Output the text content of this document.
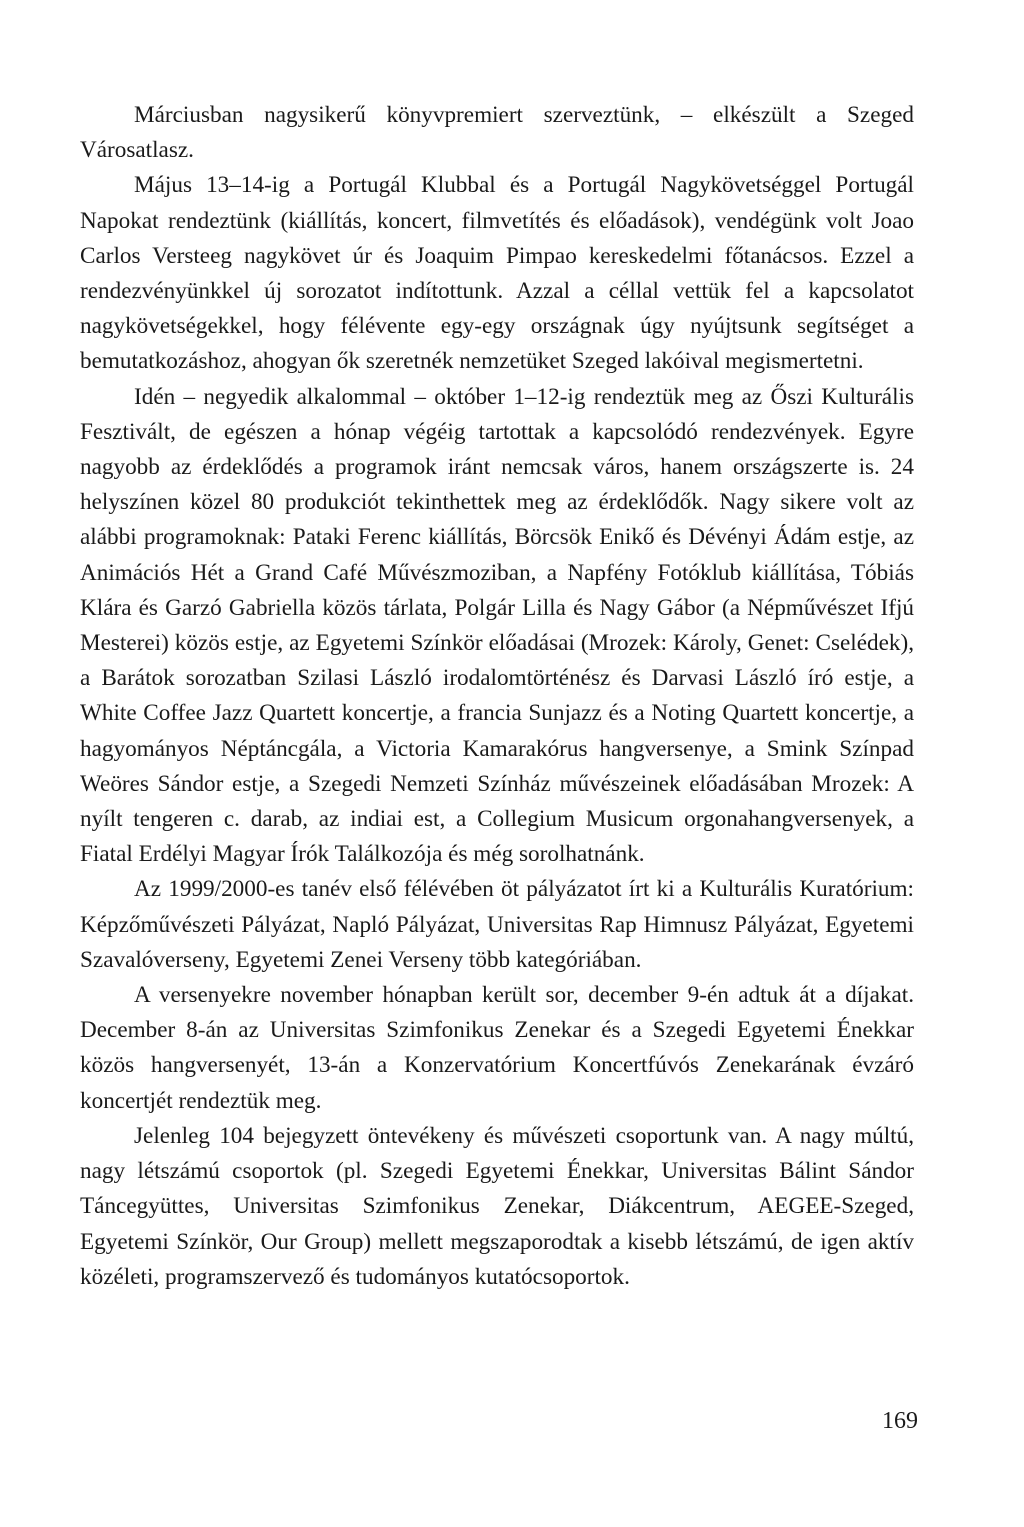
Márciusban nagysikerű könyvpremiert szerveztünk, – elkészült a Szeged Városatlasz.

Május 13–14-ig a Portugál Klubbal és a Portugál Nagykövetséggel Portugál Napokat rendeztünk (kiállítás, koncert, filmvetítés és előadások), vendégünk volt Joao Carlos Versteeg nagykövet úr és Joaquim Pimpao kereskedelmi főtanácsos. Ezzel a rendezvényünkkel új sorozatot indítottunk. Azzal a céllal vettük fel a kapcsolatot nagykövetségekkel, hogy félévente egy-egy országnak úgy nyújtsunk segítséget a bemutatkozáshoz, ahogyan ők szeretnék nemzetüket Szeged lakóival megismertetni.

Idén – negyedik alkalommal – október 1–12-ig rendeztük meg az Őszi Kulturális Fesztivált, de egészen a hónap végéig tartottak a kapcsolódó rendezvények. Egyre nagyobb az érdeklődés a programok iránt nemcsak város, hanem országszerte is. 24 helyszínen közel 80 produkciót tekinthettek meg az érdeklődők. Nagy sikere volt az alábbi programoknak: Pataki Ferenc kiállítás, Börcsök Enikő és Dévényi Ádám estje, az Animációs Hét a Grand Café Művészmoziban, a Napfény Fotóklub kiállítása, Tóbiás Klára és Garzó Gabriella közös tárlata, Polgár Lilla és Nagy Gábor (a Népművészet Ifjú Mesterei) közös estje, az Egyetemi Színkör előadásai (Mrozek: Károly, Genet: Cselédek), a Barátok sorozatban Szilasi László irodalomtörténész és Darvasi László író estje, a White Coffee Jazz Quartett koncertje, a francia Sunjazz és a Noting Quartett koncertje, a hagyományos Néptáncgála, a Victoria Kamarakórus hangversenye, a Smink Színpad Weöres Sándor estje, a Szegedi Nemzeti Színház művészeinek előadásában Mrozek: A nyílt tengeren c. darab, az indiai est, a Collegium Musicum orgonahangversenyek, a Fiatal Erdélyi Magyar Írók Találkozója és még sorolhatnánk.

Az 1999/2000-es tanév első félévében öt pályázatot írt ki a Kulturális Kuratórium: Képzőművészeti Pályázat, Napló Pályázat, Universitas Rap Himnusz Pályázat, Egyetemi Szavalóverseny, Egyetemi Zenei Verseny több kategóriában.

A versenyekre november hónapban került sor, december 9-én adtuk át a díjakat. December 8-án az Universitas Szimfonikus Zenekar és a Szegedi Egyetemi Énekkar közös hangversenyét, 13-án a Konzervatórium Koncertfúvós Zenekarának évzáró koncertjét rendeztük meg.

Jelenleg 104 bejegyzett öntevékeny és művészeti csoportunk van. A nagy múltú, nagy létszámú csoportok (pl. Szegedi Egyetemi Énekkar, Universitas Bálint Sándor Táncegyüttes, Universitas Szimfonikus Zenekar, Diákcentrum, AEGEE-Szeged, Egyetemi Színkör, Our Group) mellett megszaporodtak a kisebb létszámú, de igen aktív közéleti, programszervező és tudományos kutatócsoportok.

169
